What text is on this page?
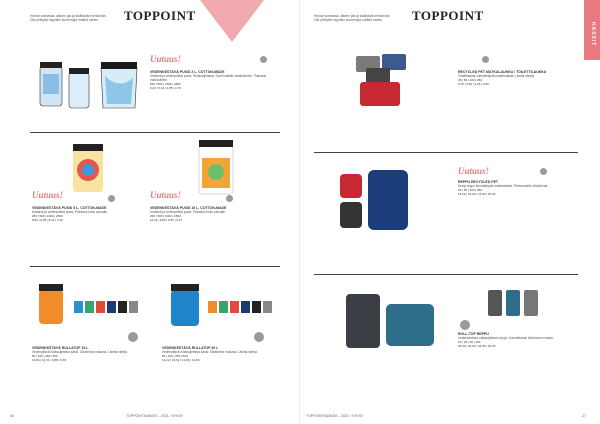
TOPPOINT
Hinnat voimassa, alkaen jaa ja sisältävät merkinnän. Ota yhteyttä myyntiin suurempia määriä varten.
Uutuus!
VEDENKESTÄVÄ PUSSI 2 L, COTTON-MADE
Kestävä ja vedenpitävä pussi. Rullasuljettava. Sopii kaikkiin seikkailuihin. Painatus mahdollinen.
250 | 500 | 1000 | 2500
5,23 | 5,04 | 4,85 | 4,73
Uutuus!
VEDENKESTÄVÄ PUSSI 5 L, COTTON-MADE
Kestävä ja vedenpitävä pussi. Painatus koko pinnalle.
250 | 500 | 1000 | 2500
8,62 | 8,38 | 8,14 | 7,90
Uutuus!
VEDENKESTÄVÄ PUSSI 10 L, COTTON-MADE
Kestävä ja vedenpitävä pussi. Painatus koko pinnalle.
250 | 500 | 1000 | 2500
10,11 | 9,83 | 9,55 | 9,27
VEDENKESTÄVÄ RULLATOP 15 L
Vedenpitävä rullasuljettava kassi. Olkahihna mukana. Useita värejä.
50 | 100 | 250 | 500
10,84 | 10,31 | 9,88 | 9,65
VEDENKESTÄVÄ RULLATOP 30 L
Vedenpitävä rullasuljettava kassi. Olkahihna mukana. Useita värejä.
50 | 100 | 250 | 500
14,22 | 13,52 | 12,96 | 12,66
26	TOPPOINTMAINOS - 2021 / SYKSY
TOPPOINT
Hinnat voimassa, alkaen jaa ja sisältävät merkinnän. Ota yhteyttä myyntiin suurempia määriä varten.
KASSIT
RECYCLED PET MATKALAUKKU / TOILETTILAUKKU
Toilettilaukku kierrätetystä materiaalista. Useita värejä.
25 | 50 | 100 | 250
9,75 | 9,50 | 9,25 | 9,00
Uutuus!
REPPU RECYCLED PET
Kevyt reppu kierrätetystä materiaalista. Pehmustettu olkahihnat.
25 | 50 | 100 | 250
16,50 | 16,00 | 15,50 | 15,00
ROLL-TOP REPPU
Vedenkestävä rullasuljettava reppu. Kannettavan tietokoneen tasku.
10 | 25 | 50 | 100
46,50 | 44,50 | 42,50 | 40,50
TOPPOINTMAINOS - 2021 / SYKSY	27
